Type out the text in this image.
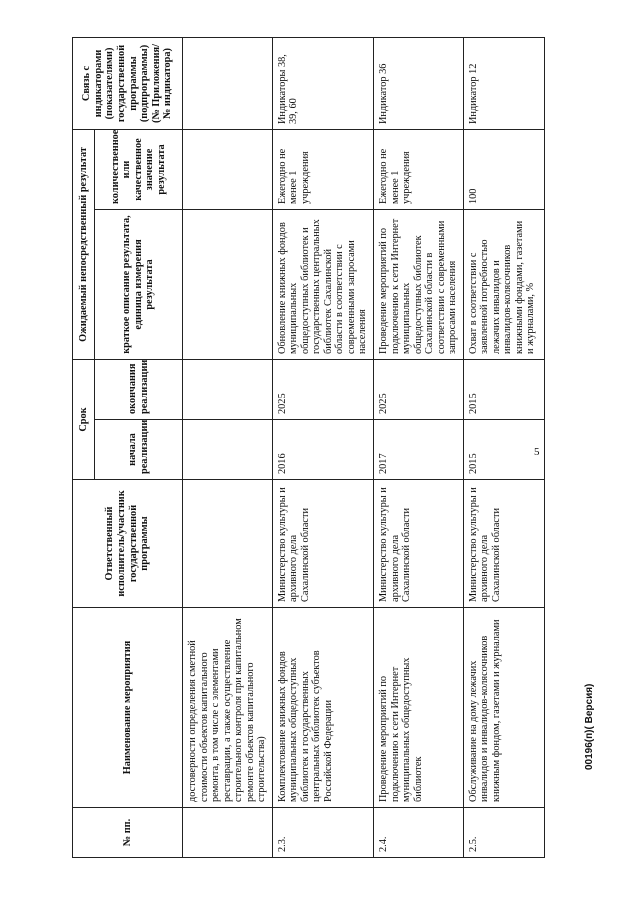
5
№ пп.	Наименование мероприятия	Ответственный исполнитель/участник государственной программы	Срок		Ожидаемый непосредственный результат		Связь с индикаторами (показателями) государственной программы (подпрограммы) (№ Приложения/№ индикатора)
			начала реализации	окончания реализации	краткое описание результата, единица измерения результата	количественное или качественное значение результата	
	достоверности определения сметной стоимости объектов капитального ремонта, в том числе с элементами реставрации, а также осуществление строительного контроля при капитальном ремонте объектов капитального строительства)						
2.3.	Комплектование книжных фондов муниципальных общедоступных библиотек и государственных центральных библиотек субъектов Российской Федерации	Министерство культуры и архивного дела Сахалинской области	2016	2025	Обновление книжных фондов муниципальных общедоступных библиотек и государственных центральных библиотек Сахалинской области в соответствии с современными запросами населения	Ежегодно не менее 1 учреждения	Индикаторы 38, 39, 60
2.4.	Проведение мероприятий по подключению к сети Интернет муниципальных общедоступных библиотек	Министерство культуры и архивного дела Сахалинской области	2017	2025	Проведение мероприятий по подключению к сети Интернет муниципальных общедоступных библиотек Сахалинской области в соответствии с современными запросами населения	Ежегодно не менее 1 учреждения	Индикатор 36
2.5.	Обслуживание на дому лежачих инвалидов и инвалидов-колясочников книжным фондом, газетами и журналами	Министерство культуры и архивного дела Сахалинской области	2015	2015	Охват в соответствии с заявленной потребностью лежачих инвалидов и инвалидов-колясочников книжными фондами, газетами и журналами, %	100	Индикатор 12
00196(п)( Версия)
